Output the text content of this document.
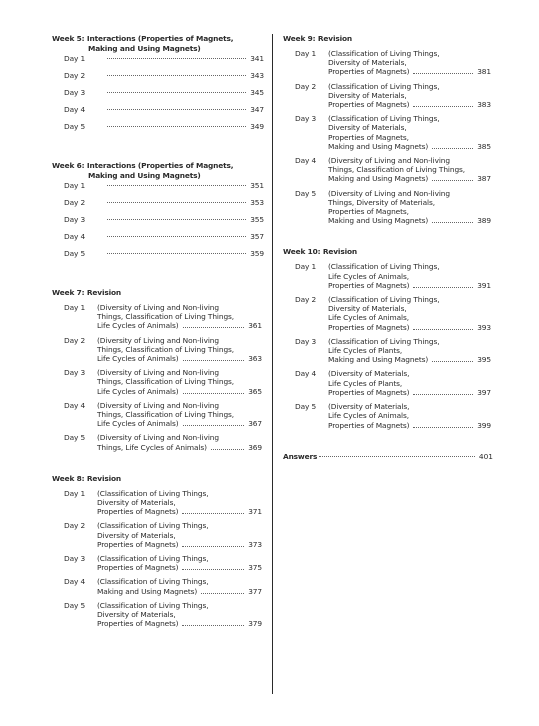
Week 5: Interactions (Properties of Magnets,
Making and Using Magnets)
Day 1	341
Day 2	343
Day 3	345
Day 4	347
Day 5	349
Week 6: Interactions (Properties of Magnets,
Making and Using Magnets)
Day 1	351
Day 2	353
Day 3	355
Day 4	357
Day 5	359
Week 7: Revision
Day 1 (Diversity of Living and Non-living
Things, Classification of Living Things,
Life Cycles of Animals)	361
Day 2 (Diversity of Living and Non-living
Things, Classification of Living Things,
Life Cycles of Animals)	363
Day 3 (Diversity of Living and Non-living
Things, Classification of Living Things,
Life Cycles of Animals)	365
Day 4 (Diversity of Living and Non-living
Things, Classification of Living Things,
Life Cycles of Animals)	367
Day 5 (Diversity of Living and Non-living
Things, Life Cycles of Animals)	369
Week 8: Revision
Day 1 (Classification of Living Things,
Diversity of Materials,
Properties of Magnets)	371
Day 2 (Classification of Living Things,
Diversity of Materials,
Properties of Magnets)	373
Day 3 (Classification of Living Things,
Properties of Magnets)	375
Day 4 (Classification of Living Things,
Making and Using Magnets)	377
Day 5 (Classification of Living Things,
Diversity of Materials,
Properties of Magnets)	379
Week 9: Revision
Day 1 (Classification of Living Things,
Diversity of Materials,
Properties of Magnets)	381
Day 2 (Classification of Living Things,
Diversity of Materials,
Properties of Magnets)	383
Day 3 (Classification of Living Things,
Diversity of Materials,
Properties of Magnets,
Making and Using Magnets)	385
Day 4 (Diversity of Living and Non-living
Things, Classification of Living Things,
Making and Using Magnets)	387
Day 5 (Diversity of Living and Non-living
Things, Diversity of Materials,
Properties of Magnets,
Making and Using Magnets)	389
Week 10: Revision
Day 1 (Classification of Living Things,
Life Cycles of Animals,
Properties of Magnets)	391
Day 2 (Classification of Living Things,
Diversity of Materials,
Life Cycles of Animals,
Properties of Magnets)	393
Day 3 (Classification of Living Things,
Life Cycles of Plants,
Making and Using Magnets)	395
Day 4 (Diversity of Materials,
Life Cycles of Plants,
Properties of Magnets)	397
Day 5 (Diversity of Materials,
Life Cycles of Animals,
Properties of Magnets)	399
Answers	401
